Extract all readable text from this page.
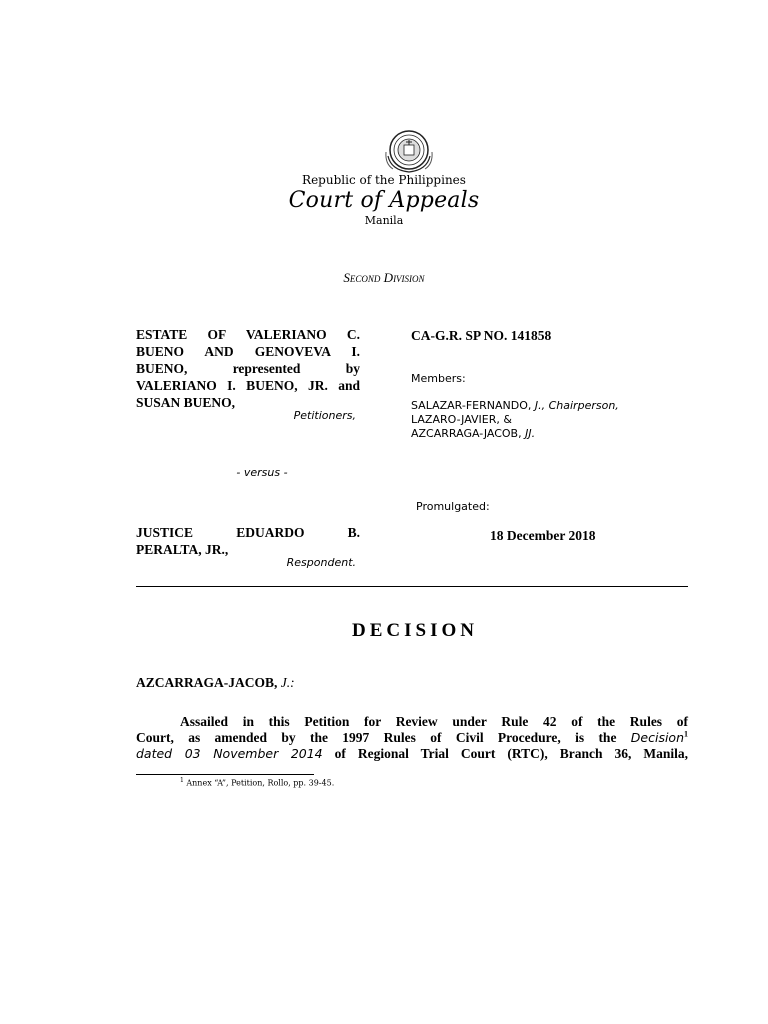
Republic of the Philippines
Court of Appeals
Manila
Second Division
ESTATE OF VALERIANO C. BUENO AND GENOVEVA I. BUENO, represented by VALERIANO I. BUENO, JR. and SUSAN BUENO,
Petitioners,
- versus -
JUSTICE	EDUARDO	B.
PERALTA, JR.,
Respondent.
CA-G.R. SP NO. 141858
Members:
SALAZAR-FERNANDO, J., Chairperson,
LAZARO-JAVIER, &
AZCARRAGA-JACOB, JJ.
Promulgated:
18 December 2018
DECISION
AZCARRAGA-JACOB, J.:
Assailed in this Petition for Review under Rule 42 of the Rules of
Court, as amended by the 1997 Rules of Civil Procedure, is the Decision$^1$
dated 03 November 2014 of Regional Trial Court (RTC), Branch 36, Manila,
$^1$ Annex “A”, Petition, Rollo, pp. 39-45.
